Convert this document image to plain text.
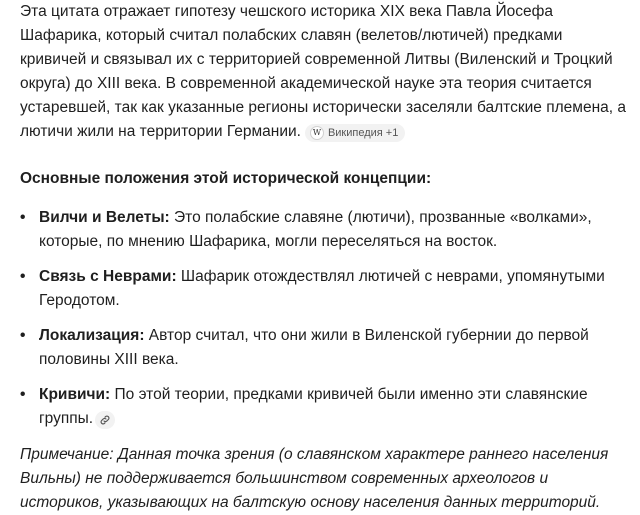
Эта цитата отражает гипотезу чешского историка XIX века Павла Йосефа Шафарика, который считал полабских славян (велетов/лютичей) предками кривичей и связывал их с территорией современной Литвы (Виленский и Троцкий округа) до XIII века. В современной академической науке эта теория считается устаревшей, так как указанные регионы исторически заселяли балтские племена, а лютичи жили на территории Германии.	W Википедия +1

Основные положения этой исторической концепции:

• Вилчи и Велеты: Это полабские славяне (лютичи), прозванные «волками», которые, по мнению Шафарика, могли переселяться на восток.
• Связь с Неврами: Шафарик отождествлял лютичей с неврами, упомянутыми Геродотом.
• Локализация: Автор считал, что они жили в Виленской губернии до первой половины XIII века.
• Кривичи: По этой теории, предками кривичей были именно эти славянские группы.

Примечание: Данная точка зрения (о славянском характере раннего населения Вильны) не поддерживается большинством современных археологов и историков, указывающих на балтскую основу населения данных территорий.
